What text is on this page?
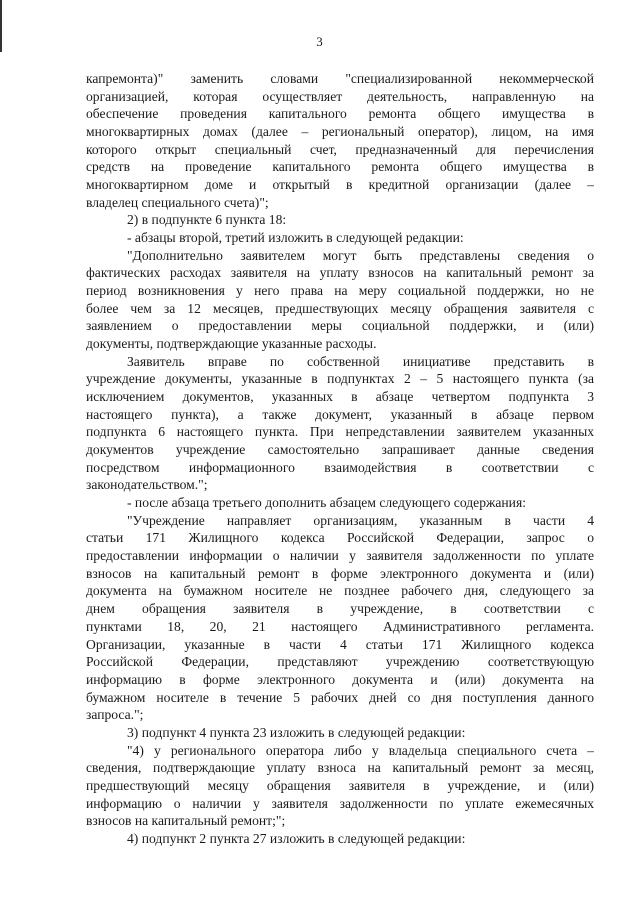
3
капремонта)" заменить словами "специализированной некоммерческой
организацией, которая осуществляет деятельность, направленную на
обеспечение проведения капитального ремонта общего имущества в
многоквартирных домах (далее – региональный оператор), лицом, на имя
которого открыт специальный счет, предназначенный для перечисления
средств на проведение капитального ремонта общего имущества в
многоквартирном доме и открытый в кредитной организации (далее –
владелец специального счета)";
2) в подпункте 6 пункта 18:
- абзацы второй, третий изложить в следующей редакции:
"Дополнительно заявителем могут быть представлены сведения о
фактических расходах заявителя на уплату взносов на капитальный ремонт за
период возникновения у него права на меру социальной поддержки, но не
более чем за 12 месяцев, предшествующих месяцу обращения заявителя с
заявлением о предоставлении меры социальной поддержки, и (или)
документы, подтверждающие указанные расходы.
Заявитель вправе по собственной инициативе представить в
учреждение документы, указанные в подпунктах 2 – 5 настоящего пункта (за
исключением документов, указанных в абзаце четвертом подпункта 3
настоящего пункта), а также документ, указанный в абзаце первом
подпункта 6 настоящего пункта. При непредставлении заявителем указанных
документов учреждение самостоятельно запрашивает данные сведения
посредством информационного взаимодействия в соответствии с
законодательством.";
- после абзаца третьего дополнить абзацем следующего содержания:
"Учреждение направляет организациям, указанным в части 4
статьи 171 Жилищного кодекса Российской Федерации, запрос о
предоставлении информации о наличии у заявителя задолженности по уплате
взносов на капитальный ремонт в форме электронного документа и (или)
документа на бумажном носителе не позднее рабочего дня, следующего за
днем обращения заявителя в учреждение, в соответствии с
пунктами 18, 20, 21 настоящего Административного регламента.
Организации, указанные в части 4 статьи 171 Жилищного кодекса
Российской Федерации, представляют учреждению соответствующую
информацию в форме электронного документа и (или) документа на
бумажном носителе в течение 5 рабочих дней со дня поступления данного
запроса.";
3) подпункт 4 пункта 23 изложить в следующей редакции:
"4) у регионального оператора либо у владельца специального счета –
сведения, подтверждающие уплату взноса на капитальный ремонт за месяц,
предшествующий месяцу обращения заявителя в учреждение, и (или)
информацию о наличии у заявителя задолженности по уплате ежемесячных
взносов на капитальный ремонт;";
4) подпункт 2 пункта 27 изложить в следующей редакции:
